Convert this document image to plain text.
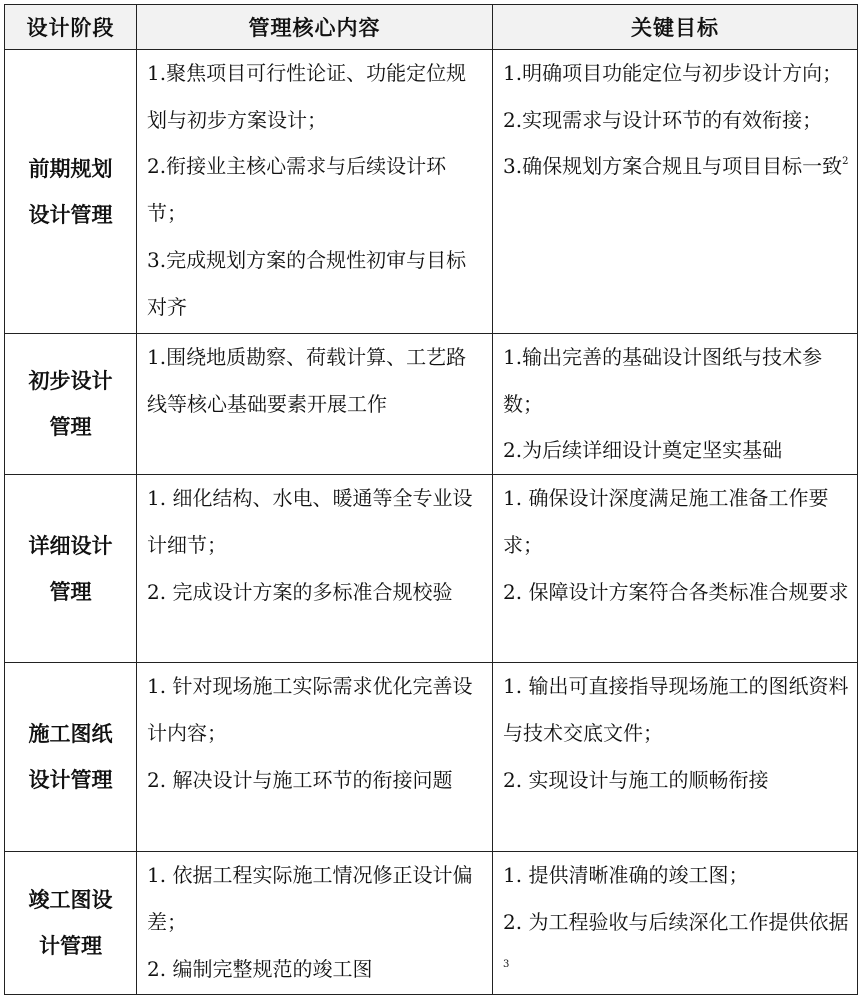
设计阶段	管理核心内容	关键目标

前期规划
设计管理	1.聚焦项目可行性论证、功能定位规划与初步方案设计；
2.衔接业主核心需求与后续设计环节；
3.完成规划方案的合规性初审与目标对齐	1.明确项目功能定位与初步设计方向；
2.实现需求与设计环节的有效衔接；
3.确保规划方案合规且与项目目标一致$^2$

初步设计
管理	1.围绕地质勘察、荷载计算、工艺路线等核心基础要素开展工作	1.输出完善的基础设计图纸与技术参数；
2.为后续详细设计奠定坚实基础

详细设计
管理	1. 细化结构、水电、暖通等全专业设计细节；
2. 完成设计方案的多标准合规校验	1. 确保设计深度满足施工准备工作要求；
2. 保障设计方案符合各类标准合规要求

施工图纸
设计管理	1. 针对现场施工实际需求优化完善设计内容；
2. 解决设计与施工环节的衔接问题	1. 输出可直接指导现场施工的图纸资料与技术交底文件；
2. 实现设计与施工的顺畅衔接

竣工图设
计管理	1. 依据工程实际施工情况修正设计偏差；
2. 编制完整规范的竣工图	1. 提供清晰准确的竣工图；
2. 为工程验收与后续深化工作提供依据$^3$
